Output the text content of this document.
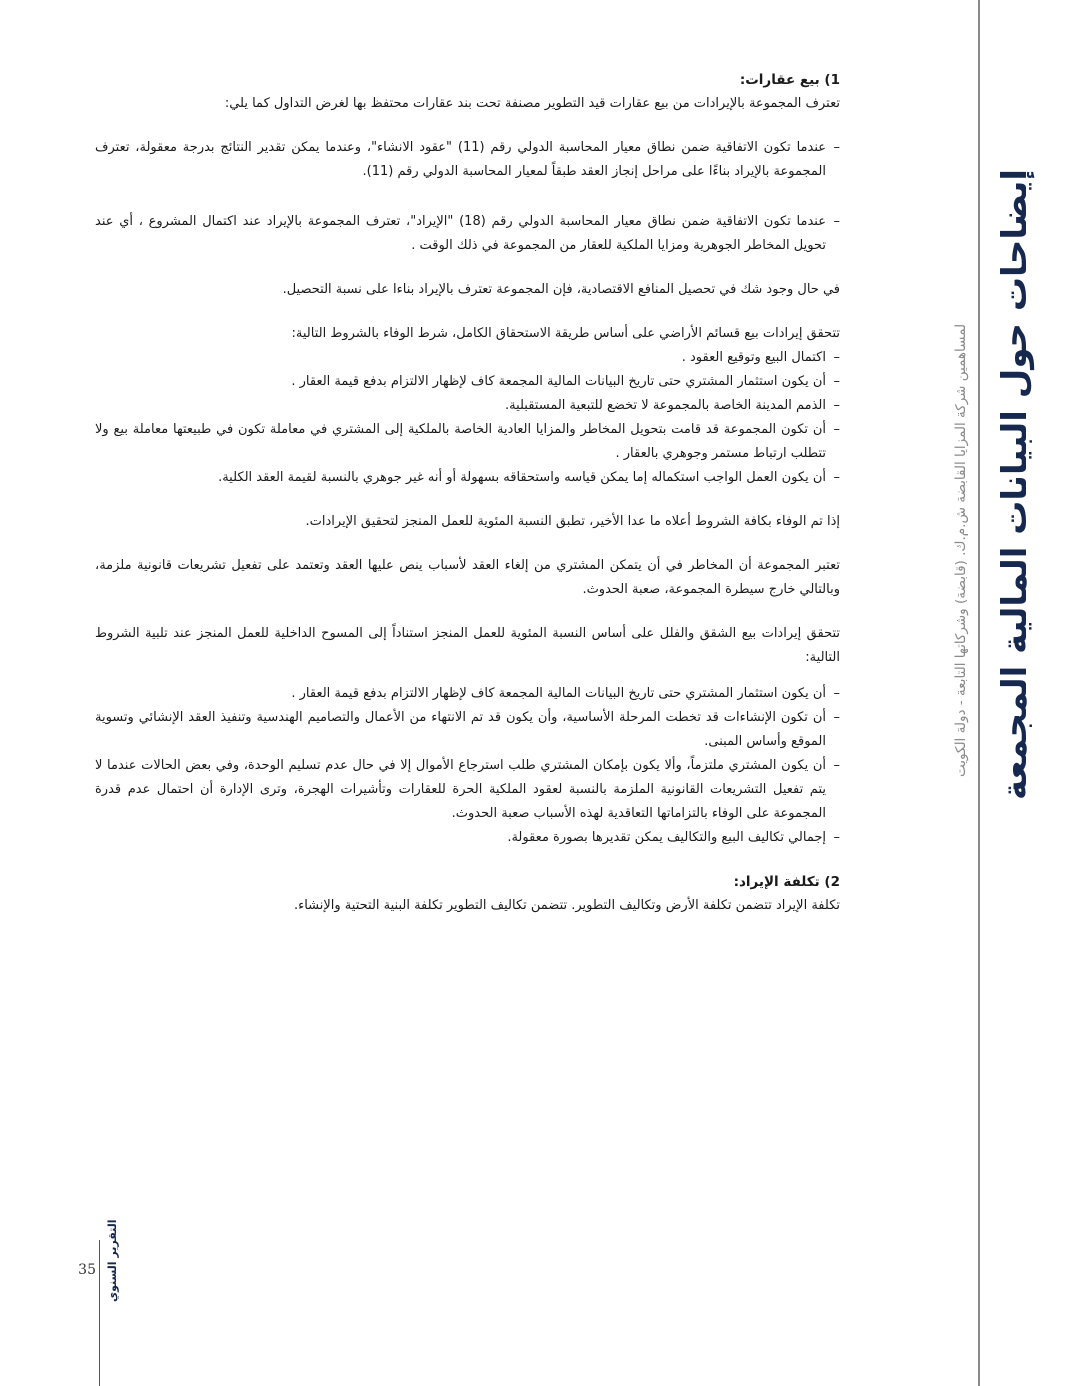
1) بيع عقارات:

تعترف المجموعة بالإيرادات من بيع عقارات قيد التطوير مصنفة تحت بند عقارات محتفظ بها لغرض التداول كما يلي:

–
عندما تكون الاتفاقية ضمن نطاق معيار المحاسبة الدولي رقم (11) "عقود الانشاء"، وعندما يمكن تقدير النتائج بدرجة معقولة، تعترف المجموعة بالإيراد بناءًا على مراحل إنجاز العقد طبقاً لمعيار المحاسبة الدولي رقم (11).

–
عندما تكون الاتفاقية ضمن نطاق معيار المحاسبة الدولي رقم (18) "الإيراد"، تعترف المجموعة بالإيراد عند اكتمال المشروع ، أي عند تحويل المخاطر الجوهرية ومزايا الملكية للعقار من المجموعة في ذلك الوقت .

في حال وجود شك في تحصيل المنافع الاقتصادية، فإن المجموعة تعترف بالإيراد بناءا على نسبة التحصيل.

تتحقق إيرادات بيع قسائم الأراضي على أساس طريقة الاستحقاق الكامل، شرط الوفاء بالشروط التالية:

–
اكتمال البيع وتوقيع العقود .

–
أن يكون استثمار المشتري حتى تاريخ البيانات المالية المجمعة كاف لإظهار الالتزام بدفع قيمة العقار .

–
الذمم المدينة الخاصة بالمجموعة لا تخضع للتبعية المستقبلية.

–
أن تكون المجموعة قد قامت بتحويل المخاطر والمزايا العادية الخاصة بالملكية إلى المشتري في معاملة تكون في طبيعتها معاملة بيع ولا تتطلب ارتباط مستمر وجوهري بالعقار .

–
أن يكون العمل الواجب استكماله إما يمكن قياسه واستحقاقه بسهولة أو أنه غير جوهري بالنسبة لقيمة العقد الكلية.

إذا تم الوفاء بكافة الشروط أعلاه ما عدا الأخير، تطبق النسبة المئوية للعمل المنجز لتحقيق الإيرادات.

تعتبر المجموعة أن المخاطر في أن يتمكن المشتري من إلغاء العقد لأسباب ينص عليها العقد وتعتمد على تفعيل تشريعات قانونية ملزمة، وبالتالي خارج سيطرة المجموعة، صعبة الحدوث.

تتحقق إيرادات بيع الشقق والفلل على أساس النسبة المئوية للعمل المنجز استناداً إلى المسوح الداخلية للعمل المنجز عند تلبية الشروط التالية:

–
أن يكون استثمار المشتري حتى تاريخ البيانات المالية المجمعة كاف لإظهار الالتزام بدفع قيمة العقار .

–
أن تكون الإنشاءات قد تخطت المرحلة الأساسية، وأن يكون قد تم الانتهاء من الأعمال والتصاميم الهندسية وتنفيذ العقد الإنشائي وتسوية الموقع وأساس المبنى.

–
أن يكون المشتري ملتزماً، وألا يكون بإمكان المشتري طلب استرجاع الأموال إلا في حال عدم تسليم الوحدة، وفي بعض الحالات عندما لا يتم تفعيل التشريعات القانونية الملزمة بالنسبة لعقود الملكية الحرة للعقارات وتأشيرات الهجرة، وترى الإدارة أن احتمال عدم قدرة المجموعة على الوفاء بالتزاماتها التعاقدية لهذه الأسباب صعبة الحدوث.

–
إجمالي تكاليف البيع والتكاليف يمكن تقديرها بصورة معقولة.

2) تكلفة الإيراد:

تكلفة الإيراد تتضمن تكلفة الأرض وتكاليف التطوير. تتضمن تكاليف التطوير تكلفة البنية التحتية والإنشاء.

إيضاحات حول البيانات المالية المجمعة
لمساهمين شركة المزايا القابضة ش.م.ك. (قابضة) وشركاتها التابعة - دولة الكويت
35 التقرير السنوي
